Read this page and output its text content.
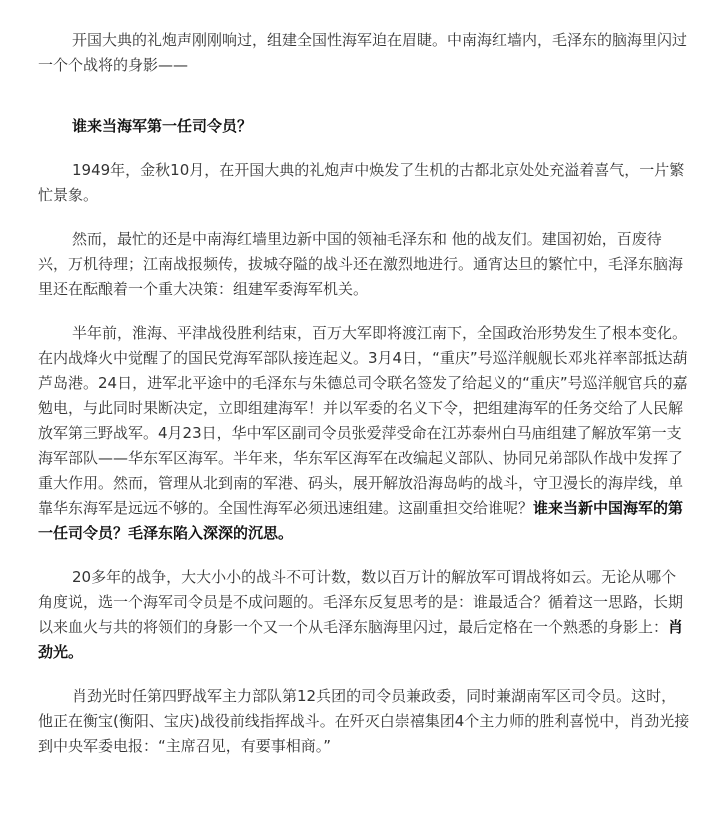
开国大典的礼炮声刚刚响过，组建全国性海军迫在眉睫。中南海红墙内，毛泽东的脑海里闪过一个个战将的身影——

谁来当海军第一任司令员？

1949年，金秋10月，在开国大典的礼炮声中焕发了生机的古都北京处处充溢着喜气，一片繁忙景象。

然而，最忙的还是中南海红墙里边新中国的领袖毛泽东和 他的战友们。建国初始，百废待兴，万机待理；江南战报频传，拔城夺隘的战斗还在激烈地进行。通宵达旦的繁忙中，毛泽东脑海里还在酝酿着一个重大决策：组建军委海军机关。

半年前，淮海、平津战役胜利结束，百万大军即将渡江南下，全国政治形势发生了根本变化。在内战烽火中觉醒了的国民党海军部队接连起义。3月4日，“重庆”号巡洋舰舰长邓兆祥率部抵达葫芦岛港。24日，进军北平途中的毛泽东与朱德总司令联名签发了给起义的“重庆”号巡洋舰官兵的嘉勉电，与此同时果断决定，立即组建海军！并以军委的名义下令，把组建海军的任务交给了人民解放军第三野战军。4月23日，华中军区副司令员张爱萍受命在江苏泰州白马庙组建了解放军第一支海军部队——华东军区海军。半年来，华东军区海军在改编起义部队、协同兄弟部队作战中发挥了重大作用。然而，管理从北到南的军港、码头，展开解放沿海岛屿的战斗，守卫漫长的海岸线，单靠华东海军是远远不够的。全国性海军必须迅速组建。这副重担交给谁呢？谁来当新中国海军的第一任司令员？毛泽东陷入深深的沉思。

20多年的战争，大大小小的战斗不可计数，数以百万计的解放军可谓战将如云。无论从哪个角度说，选一个海军司令员是不成问题的。毛泽东反复思考的是：谁最适合？循着这一思路，长期以来血火与共的将领们的身影一个又一个从毛泽东脑海里闪过，最后定格在一个熟悉的身影上：肖劲光。

肖劲光时任第四野战军主力部队第12兵团的司令员兼政委，同时兼湖南军区司令员。这时，他正在衡宝(衡阳、宝庆)战役前线指挥战斗。在歼灭白崇禧集团4个主力师的胜利喜悦中，肖劲光接到中央军委电报：“主席召见，有要事相商。”
